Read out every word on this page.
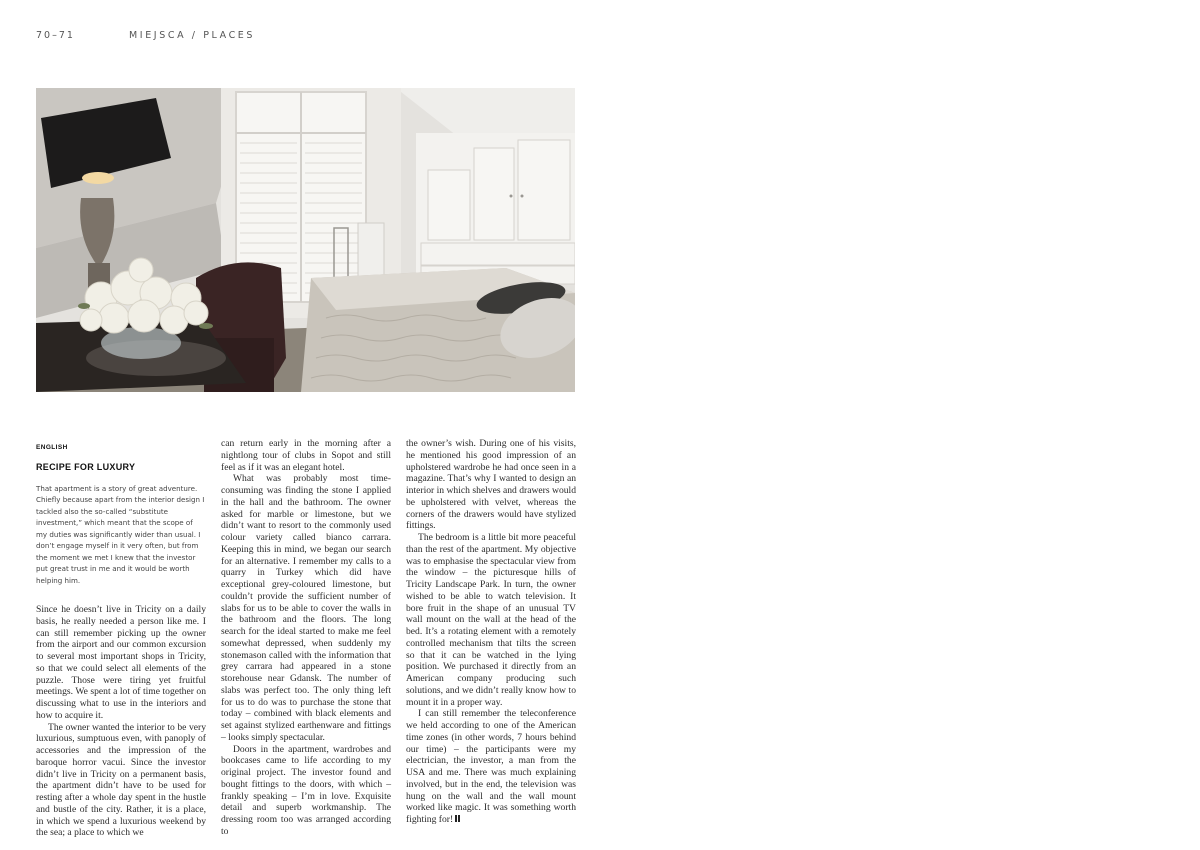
70–71	MIEJSCA / PLACES
ENGLISH
RECIPE FOR LUXURY

That apartment is a story of great adventure. Chiefly because apart from the interior design I tackled also the so-called “substitute investment,” which meant that the scope of my duties was significantly wider than usual. I don’t engage myself in it very often, but from the moment we met I knew that the investor put great trust in me and it would be worth helping him.

Since he doesn’t live in Tricity on a daily basis, he really needed a person like me. I can still remember picking up the owner from the airport and our common excursion to several most important shops in Tricity, so that we could select all elements of the puzzle. Those were tiring yet fruitful meetings. We spent a lot of time together on discussing what to use in the interiors and how to acquire it.

The owner wanted the interior to be very luxurious, sumptuous even, with panoply of accessories and the impression of the baroque horror vacui. Since the investor didn’t live in Tricity on a permanent basis, the apartment didn’t have to be used for resting after a whole day spent in the hustle and bustle of the city. Rather, it is a place, in which we spend a luxurious weekend by the sea; a place to which we

can return early in the morning after a nightlong tour of clubs in Sopot and still feel as if it was an elegant hotel.

What was probably most time-consuming was finding the stone I applied in the hall and the bathroom. The owner asked for marble or limestone, but we didn’t want to resort to the commonly used colour variety called bianco carrara. Keeping this in mind, we began our search for an alternative. I remember my calls to a quarry in Turkey which did have exceptional grey-coloured limestone, but couldn’t provide the sufficient number of slabs for us to be able to cover the walls in the bathroom and the floors. The long search for the ideal started to make me feel somewhat depressed, when suddenly my stonemason called with the information that grey carrara had appeared in a stone storehouse near Gdansk. The number of slabs was perfect too. The only thing left for us to do was to purchase the stone that today – combined with black elements and set against stylized earthenware and fittings – looks simply spectacular.

Doors in the apartment, wardrobes and bookcases came to life according to my original project. The investor found and bought fittings to the doors, with which – frankly speaking – I’m in love. Exquisite detail and superb workmanship. The dressing room too was arranged according to

the owner’s wish. During one of his visits, he mentioned his good impression of an upholstered wardrobe he had once seen in a magazine. That’s why I wanted to design an interior in which shelves and drawers would be upholstered with velvet, whereas the corners of the drawers would have stylized fittings.

The bedroom is a little bit more peaceful than the rest of the apartment. My objective was to emphasise the spectacular view from the window – the picturesque hills of Tricity Landscape Park. In turn, the owner wished to be able to watch television. It bore fruit in the shape of an unusual TV wall mount on the wall at the head of the bed. It’s a rotating element with a remotely controlled mechanism that tilts the screen so that it can be watched in the lying position. We purchased it directly from an American company producing such solutions, and we didn’t really know how to mount it in a proper way.

I can still remember the teleconference we held according to one of the American time zones (in other words, 7 hours behind our time) – the participants were my electrician, the investor, a man from the USA and me. There was much explaining involved, but in the end, the television was hung on the wall and the wall mount worked like magic. It was something worth fighting for!
